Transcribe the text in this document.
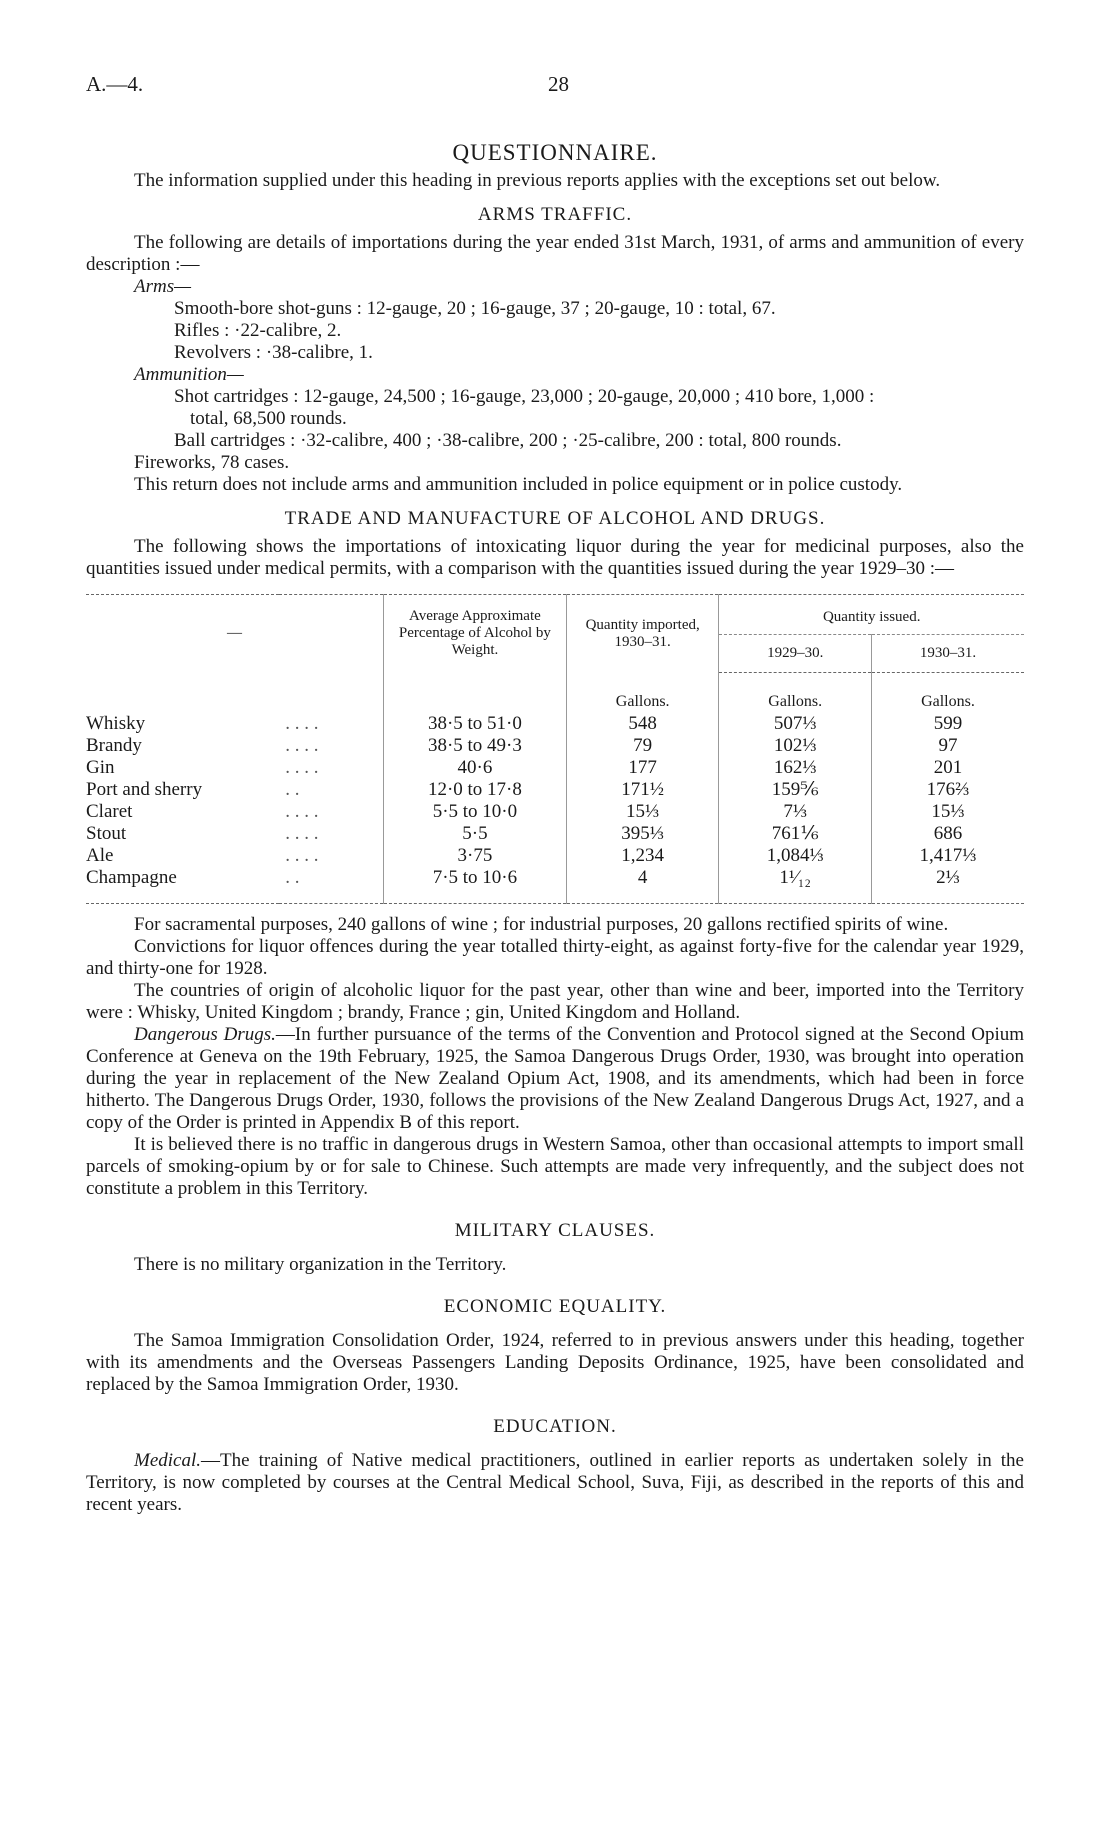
A.—4.	28
QUESTIONNAIRE.

The information supplied under this heading in previous reports applies with the exceptions set out below.

ARMS TRAFFIC.

The following are details of importations during the year ended 31st March, 1931, of arms and ammunition of every description :—

Arms—
Smooth-bore shot-guns : 12-gauge, 20 ; 16-gauge, 37 ; 20-gauge, 10 : total, 67.
Rifles : ·22-calibre, 2.
Revolvers : ·38-calibre, 1.
Ammunition—
Shot cartridges : 12-gauge, 24,500 ; 16-gauge, 23,000 ; 20-gauge, 20,000 ; 410 bore, 1,000 :
total, 68,500 rounds.
Ball cartridges : ·32-calibre, 400 ; ·38-calibre, 200 ; ·25-calibre, 200 : total, 800 rounds.
Fireworks, 78 cases.

This return does not include arms and ammunition included in police equipment or in police custody.

TRADE AND MANUFACTURE OF ALCOHOL AND DRUGS.

The following shows the importations of intoxicating liquor during the year for medicinal purposes, also the quantities issued under medical permits, with a comparison with the quantities issued during the year 1929–30 :—

—		Average Approximate Percentage of Alcohol by Weight.	Quantity imported, 1930–31.	Quantity issued.	
				1929–30.	1930–31.
			Gallons.	Gallons.	Gallons.
Whisky	. . . .	38·5 to 51·0	548	507⅓	599
Brandy	. . . .	38·5 to 49·3	79	102⅓	97
Gin	. . . .	40·6	177	162⅓	201
Port and sherry	. .	12·0 to 17·8	171½	159⅚	176⅔
Claret	. . . .	5·5 to 10·0	15⅓	7⅓	15⅓
Stout	. . . .	5·5	395⅓	761⅙	686
Ale	. . . .	3·75	1,234	1,084⅓	1,417⅓
Champagne	. .	7·5 to 10·6	4	1¹⁄₁₂	2⅓

For sacramental purposes, 240 gallons of wine ; for industrial purposes, 20 gallons rectified spirits of wine.

Convictions for liquor offences during the year totalled thirty-eight, as against forty-five for the calendar year 1929, and thirty-one for 1928.

The countries of origin of alcoholic liquor for the past year, other than wine and beer, imported into the Territory were : Whisky, United Kingdom ; brandy, France ; gin, United Kingdom and Holland.

Dangerous Drugs.—In further pursuance of the terms of the Convention and Protocol signed at the Second Opium Conference at Geneva on the 19th February, 1925, the Samoa Dangerous Drugs Order, 1930, was brought into operation during the year in replacement of the New Zealand Opium Act, 1908, and its amendments, which had been in force hitherto. The Dangerous Drugs Order, 1930, follows the provisions of the New Zealand Dangerous Drugs Act, 1927, and a copy of the Order is printed in Appendix B of this report.

It is believed there is no traffic in dangerous drugs in Western Samoa, other than occasional attempts to import small parcels of smoking-opium by or for sale to Chinese. Such attempts are made very infrequently, and the subject does not constitute a problem in this Territory.

MILITARY CLAUSES.

There is no military organization in the Territory.

ECONOMIC EQUALITY.

The Samoa Immigration Consolidation Order, 1924, referred to in previous answers under this heading, together with its amendments and the Overseas Passengers Landing Deposits Ordinance, 1925, have been consolidated and replaced by the Samoa Immigration Order, 1930.

EDUCATION.

Medical.—The training of Native medical practitioners, outlined in earlier reports as undertaken solely in the Territory, is now completed by courses at the Central Medical School, Suva, Fiji, as described in the reports of this and recent years.
